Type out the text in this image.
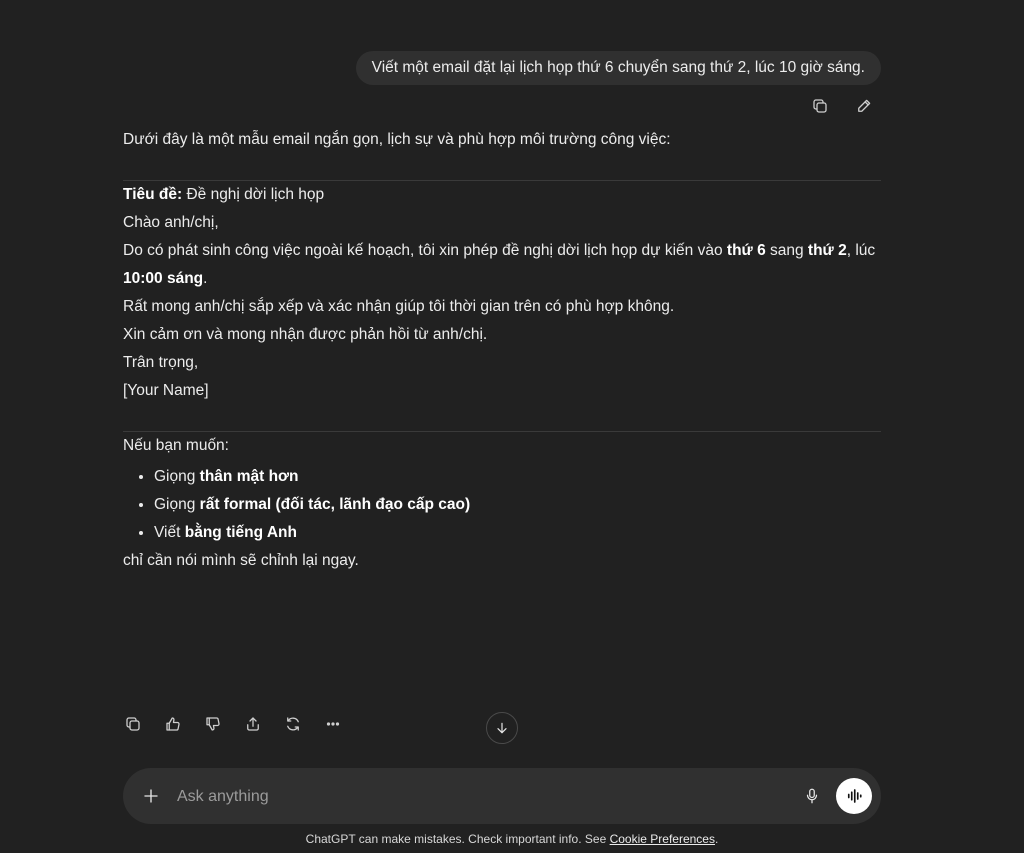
Viết một email đặt lại lịch họp thứ 6 chuyển sang thứ 2, lúc 10 giờ sáng.

Dưới đây là một mẫu email ngắn gọn, lịch sự và phù hợp môi trường công việc:

Tiêu đề: Đề nghị dời lịch họp

Chào anh/chị,

Do có phát sinh công việc ngoài kế hoạch, tôi xin phép đề nghị dời lịch họp dự kiến vào thứ 6 sang thứ 2, lúc 10:00 sáng.

Rất mong anh/chị sắp xếp và xác nhận giúp tôi thời gian trên có phù hợp không.
Xin cảm ơn và mong nhận được phản hồi từ anh/chị.

Trân trọng,
[Your Name]

Nếu bạn muốn:

• Giọng thân mật hơn
• Giọng rất formal (đối tác, lãnh đạo cấp cao)
• Viết bằng tiếng Anh

chỉ cần nói mình sẽ chỉnh lại ngay.

Ask anything
ChatGPT can make mistakes. Check important info. See Cookie Preferences.
